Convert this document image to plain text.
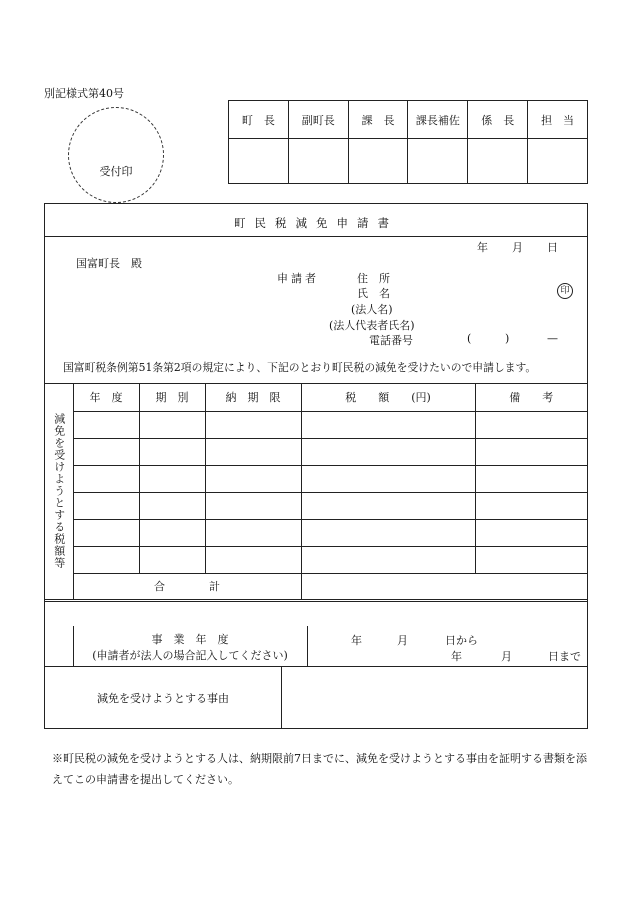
別記様式第40号
受付印
町　長	副町長	課　長	課長補佐	係　長	担　当

町民税減免申請書
年 月 日
国富町長　殿
申請者	住　所
氏　名	印
(法人名)
(法人代表者氏名)
電話番号	(	)	—
国富町税条例第51条第2項の規定により、下記のとおり町民税の減免を受けたいので申請します。
減免を受けようとする税額等	年　度	期　別	納　期　限	税　　額　　(円)	備　　考

	合　　　　計				
事　業　年　度
(申請者が法人の場合記入してください)
年	月	日から
年	月	日まで
減免を受けようとする事由
※町民税の減免を受けようとする人は、納期限前7日までに、減免を受けようとする事由を証明する書類を添えてこの申請書を提出してください。
